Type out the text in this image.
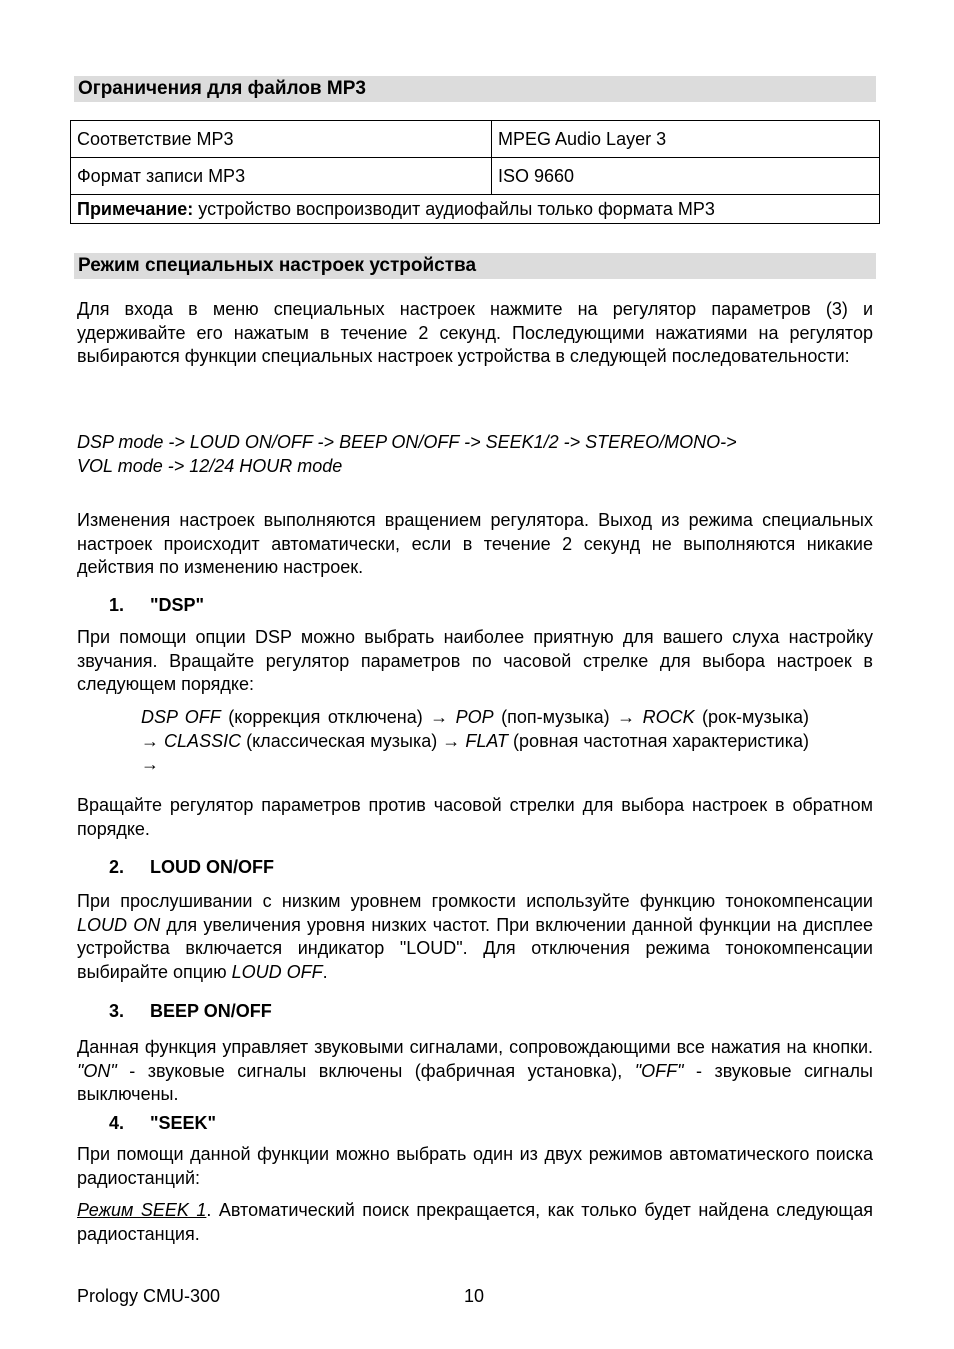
Ограничения для файлов MP3
Соответствие MP3	MPEG Audio Layer 3
Формат записи MP3	ISO 9660
Примечание: устройство воспроизводит аудиофайлы только формата MP3	
Режим специальных настроек устройства
Для входа в меню специальных настроек нажмите на регулятор параметров (3) и удерживайте его нажатым в течение 2 секунд. Последующими нажатиями на регулятор выбираются функции специальных настроек устройства в следующей последовательности:

DSP mode -> LOUD ON/OFF -> BEEP ON/OFF -> SEEK1/2 -> STEREO/MONO->

VOL mode -> 12/24 HOUR mode

Изменения настроек выполняются вращением регулятора. Выход из режима специальных настроек происходит автоматически, если в течение 2 секунд не выполняются никакие действия по изменению настроек.
1. "DSP"
При помощи опции DSP можно выбрать наиболее приятную для вашего слуха настройку звучания. Вращайте регулятор параметров по часовой стрелке для выбора настроек в следующем порядке:
DSP OFF (коррекция отключена) → POP (поп-музыка) → ROCK (рок-музыка) → CLASSIC (классическая музыка) → FLAT (ровная частотная характеристика) →
Вращайте регулятор параметров против часовой стрелки для выбора настроек в обратном порядке.
2. LOUD ON/OFF
При прослушивании с низким уровнем громкости используйте функцию тонокомпенсации LOUD ON для увеличения уровня низких частот. При включении данной функции на дисплее устройства включается индикатор "LOUD". Для отключения режима тонокомпенсации выбирайте опцию LOUD OFF.
3. BEEP ON/OFF
Данная функция управляет звуковыми сигналами, сопровождающими все нажатия на кнопки. "ON" - звуковые сигналы включены (фабричная установка), "OFF" - звуковые сигналы выключены.
4. "SEEK"
При помощи данной функции можно выбрать один из двух режимов автоматического поиска радиостанций:
Режим SEEK 1. Автоматический поиск прекращается, как только будет найдена следующая радиостанция.
Prology CMU-300	10
